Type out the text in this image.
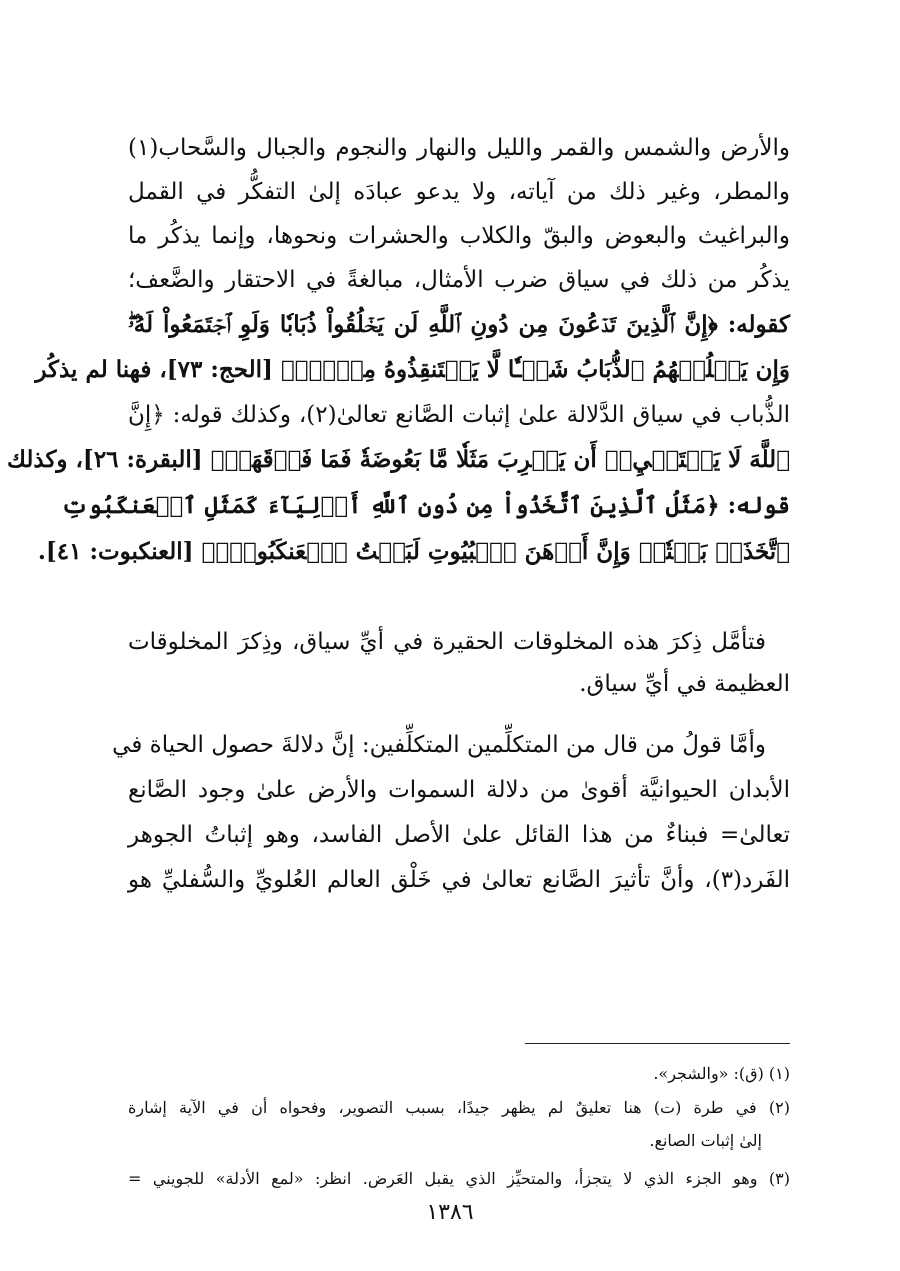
والأرض والشمس والقمر والليل والنهار والنجوم والجبال والسَّحاب(١)
والمطر، وغير ذلك من آياته، ولا يدعو عبادَه إلىٰ التفكُّر في القمل
والبراغيث والبعوض والبقّ والكلاب والحشرات ونحوها، وإنما يذكُر ما
يذكُر من ذلك في سياق ضرب الأمثال، مبالغةً في الاحتقار والضَّعف؛
كقوله: ﴿إِنَّ ٱلَّذِينَ تَدۡعُونَ مِن دُونِ ٱللَّهِ لَن يَخۡلُقُواْ ذُبَابٗا وَلَوِ ٱجۡتَمَعُواْ لَهُۥۖ
وَإِن يَسۡلُبۡهُمُ ٱلذُّبَابُ شَيۡـٔٗا لَّا يَسۡتَنقِذُوهُ مِنۡهُۚ﴾ [الحج: ٧٣]، فهنا لم يذكُر
الذُّباب في سياق الدَّلالة علىٰ إثبات الصَّانع تعالىٰ(٢)، وكذلك قوله: ﴿إِنَّ
ٱللَّهَ لَا يَسۡتَحۡيِۦٓ أَن يَضۡرِبَ مَثَلٗا مَّا بَعُوضَةٗ فَمَا فَوۡقَهَاۚ﴾ [البقرة: ٢٦]، وكذلك
قوله: ﴿مَثَلُ ٱلَّذِينَ ٱتَّخَذُواْ مِن دُونِ ٱللَّهِ أَوۡلِيَآءَ كَمَثَلِ ٱلۡعَنكَبُوتِ
ٱتَّخَذَتۡ بَيۡتٗاۖ وَإِنَّ أَوۡهَنَ ٱلۡبُيُوتِ لَبَيۡتُ ٱلۡعَنكَبُوتِۚ﴾ [العنكبوت: ٤١].
فتأمَّل ذِكرَ هذه المخلوقات الحقيرة في أيِّ سياق، وذِكرَ المخلوقات
العظيمة في أيِّ سياق.
وأمَّا قولُ من قال من المتكلِّمين المتكلِّفين: إنَّ دلالةَ حصول الحياة في
الأبدان الحيوانيَّة أقوىٰ من دلالة السموات والأرض علىٰ وجود الصَّانع
تعالىٰ= فبناءٌ من هذا القائل علىٰ الأصل الفاسد، وهو إثباتُ الجوهر
الفَرد(٣)، وأنَّ تأثيرَ الصَّانع تعالىٰ في خَلْق العالم العُلويِّ والسُّفليِّ هو
(١) (ق): «والشجر».
(٢) في طرة (ت) هنا تعليقٌ لم يظهر جيدًا، بسبب التصوير، وفحواه أن في الآية إشارة
إلىٰ إثبات الصانع.
(٣) وهو الجزء الذي لا يتجزأ، والمتحيِّز الذي يقبل العَرض. انظر: «لمع الأدلة» للجويني =
١٣٨٦
